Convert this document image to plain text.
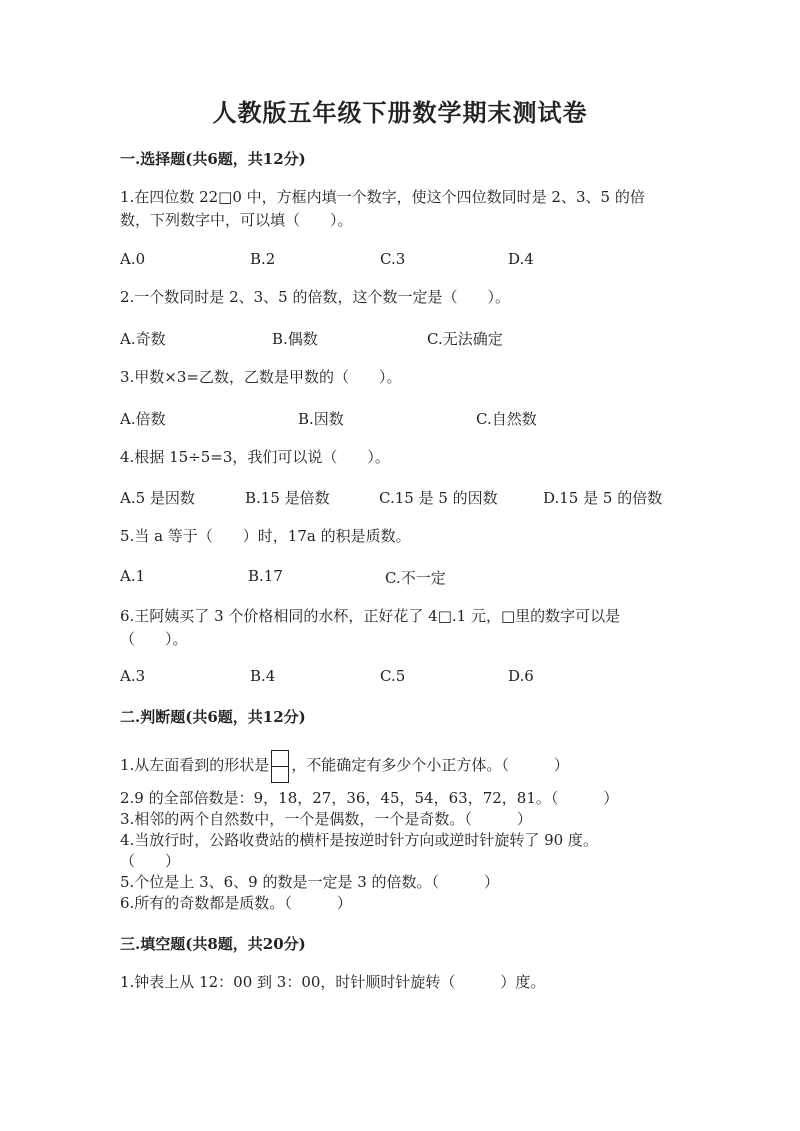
人教版五年级下册数学期末测试卷
一.选择题(共6题，共12分)
1.在四位数 22□0 中，方框内填一个数字，使这个四位数同时是 2、3、5 的倍
数，下列数字中，可以填（　　）。
A.0	B.2	C.3	D.4
2.一个数同时是 2、3、5 的倍数，这个数一定是（　　）。
A.奇数	B.偶数	C.无法确定
3.甲数×3=乙数，乙数是甲数的（　　）。
A.倍数	B.因数	C.自然数
4.根据 15÷5=3，我们可以说（　　）。
A.5 是因数	B.15 是倍数	C.15 是 5 的因数	D.15 是 5 的倍数
5.当 a 等于（　　）时，17a 的积是质数。
A.1	B.17	C.不一定
6.王阿姨买了 3 个价格相同的水杯，正好花了 4□.1 元，□里的数字可以是
（　　）。
A.3	B.4	C.5	D.6
二.判断题(共6题，共12分)
1.从左面看到的形状是 ，不能确定有多少个小正方体。（　　　）
2.9 的全部倍数是：9，18，27，36，45，54，63，72，81。（　　　）
3.相邻的两个自然数中，一个是偶数，一个是奇数。（　　　）
4.当放行时，公路收费站的横杆是按逆时针方向或逆时针旋转了 90 度。
（　　）
5.个位是上 3、6、9 的数是一定是 3 的倍数。（　　　）
6.所有的奇数都是质数。（　　　）
三.填空题(共8题，共20分)
1.钟表上从 12：00 到 3：00，时针顺时针旋转（　　　）度。
